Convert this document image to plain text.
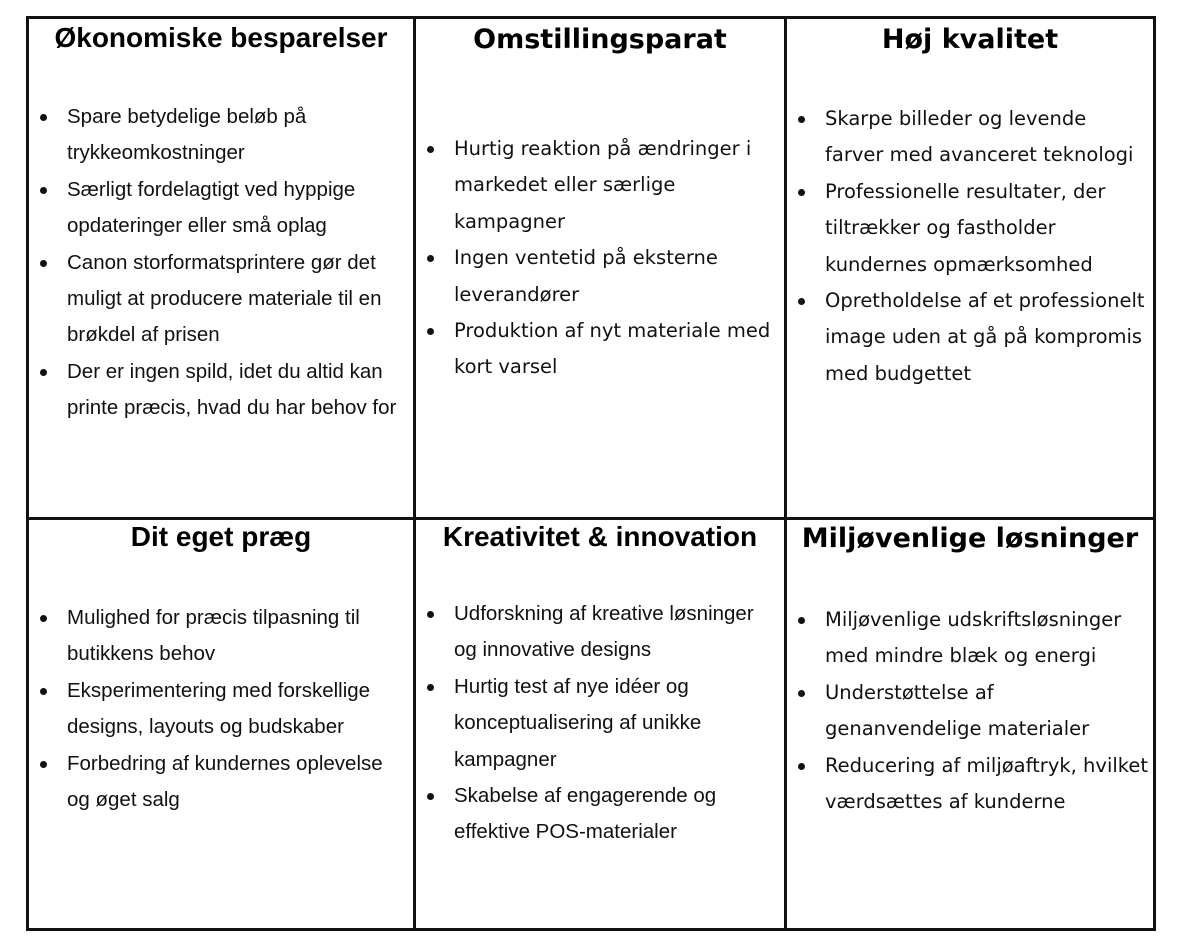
Økonomiske besparelser
Spare betydelige beløb på trykkeomkostninger
Særligt fordelagtigt ved hyppige opdateringer eller små oplag
Canon storformatsprintere gør det muligt at producere materiale til en brøkdel af prisen
Der er ingen spild, idet du altid kan printe præcis, hvad du har behov for
Omstillingsparat
Hurtig reaktion på ændringer i markedet eller særlige kampagner
Ingen ventetid på eksterne leverandører
Produktion af nyt materiale med kort varsel
Høj kvalitet
Skarpe billeder og levende farver med avanceret teknologi
Professionelle resultater, der tiltrækker og fastholder kundernes opmærksomhed
Opretholdelse af et professionelt image uden at gå på kompromis med budgettet
Dit eget præg
Mulighed for præcis tilpasning til butikkens behov
Eksperimentering med forskellige designs, layouts og budskaber
Forbedring af kundernes oplevelse og øget salg
Kreativitet & innovation
Udforskning af kreative løsninger og innovative designs
Hurtig test af nye idéer og konceptualisering af unikke kampagner
Skabelse af engagerende og effektive POS-materialer
Miljøvenlige løsninger
Miljøvenlige udskriftsløsninger med mindre blæk og energi
Understøttelse af genanvendelige materialer
Reducering af miljøaftryk, hvilket værdsættes af kunderne
